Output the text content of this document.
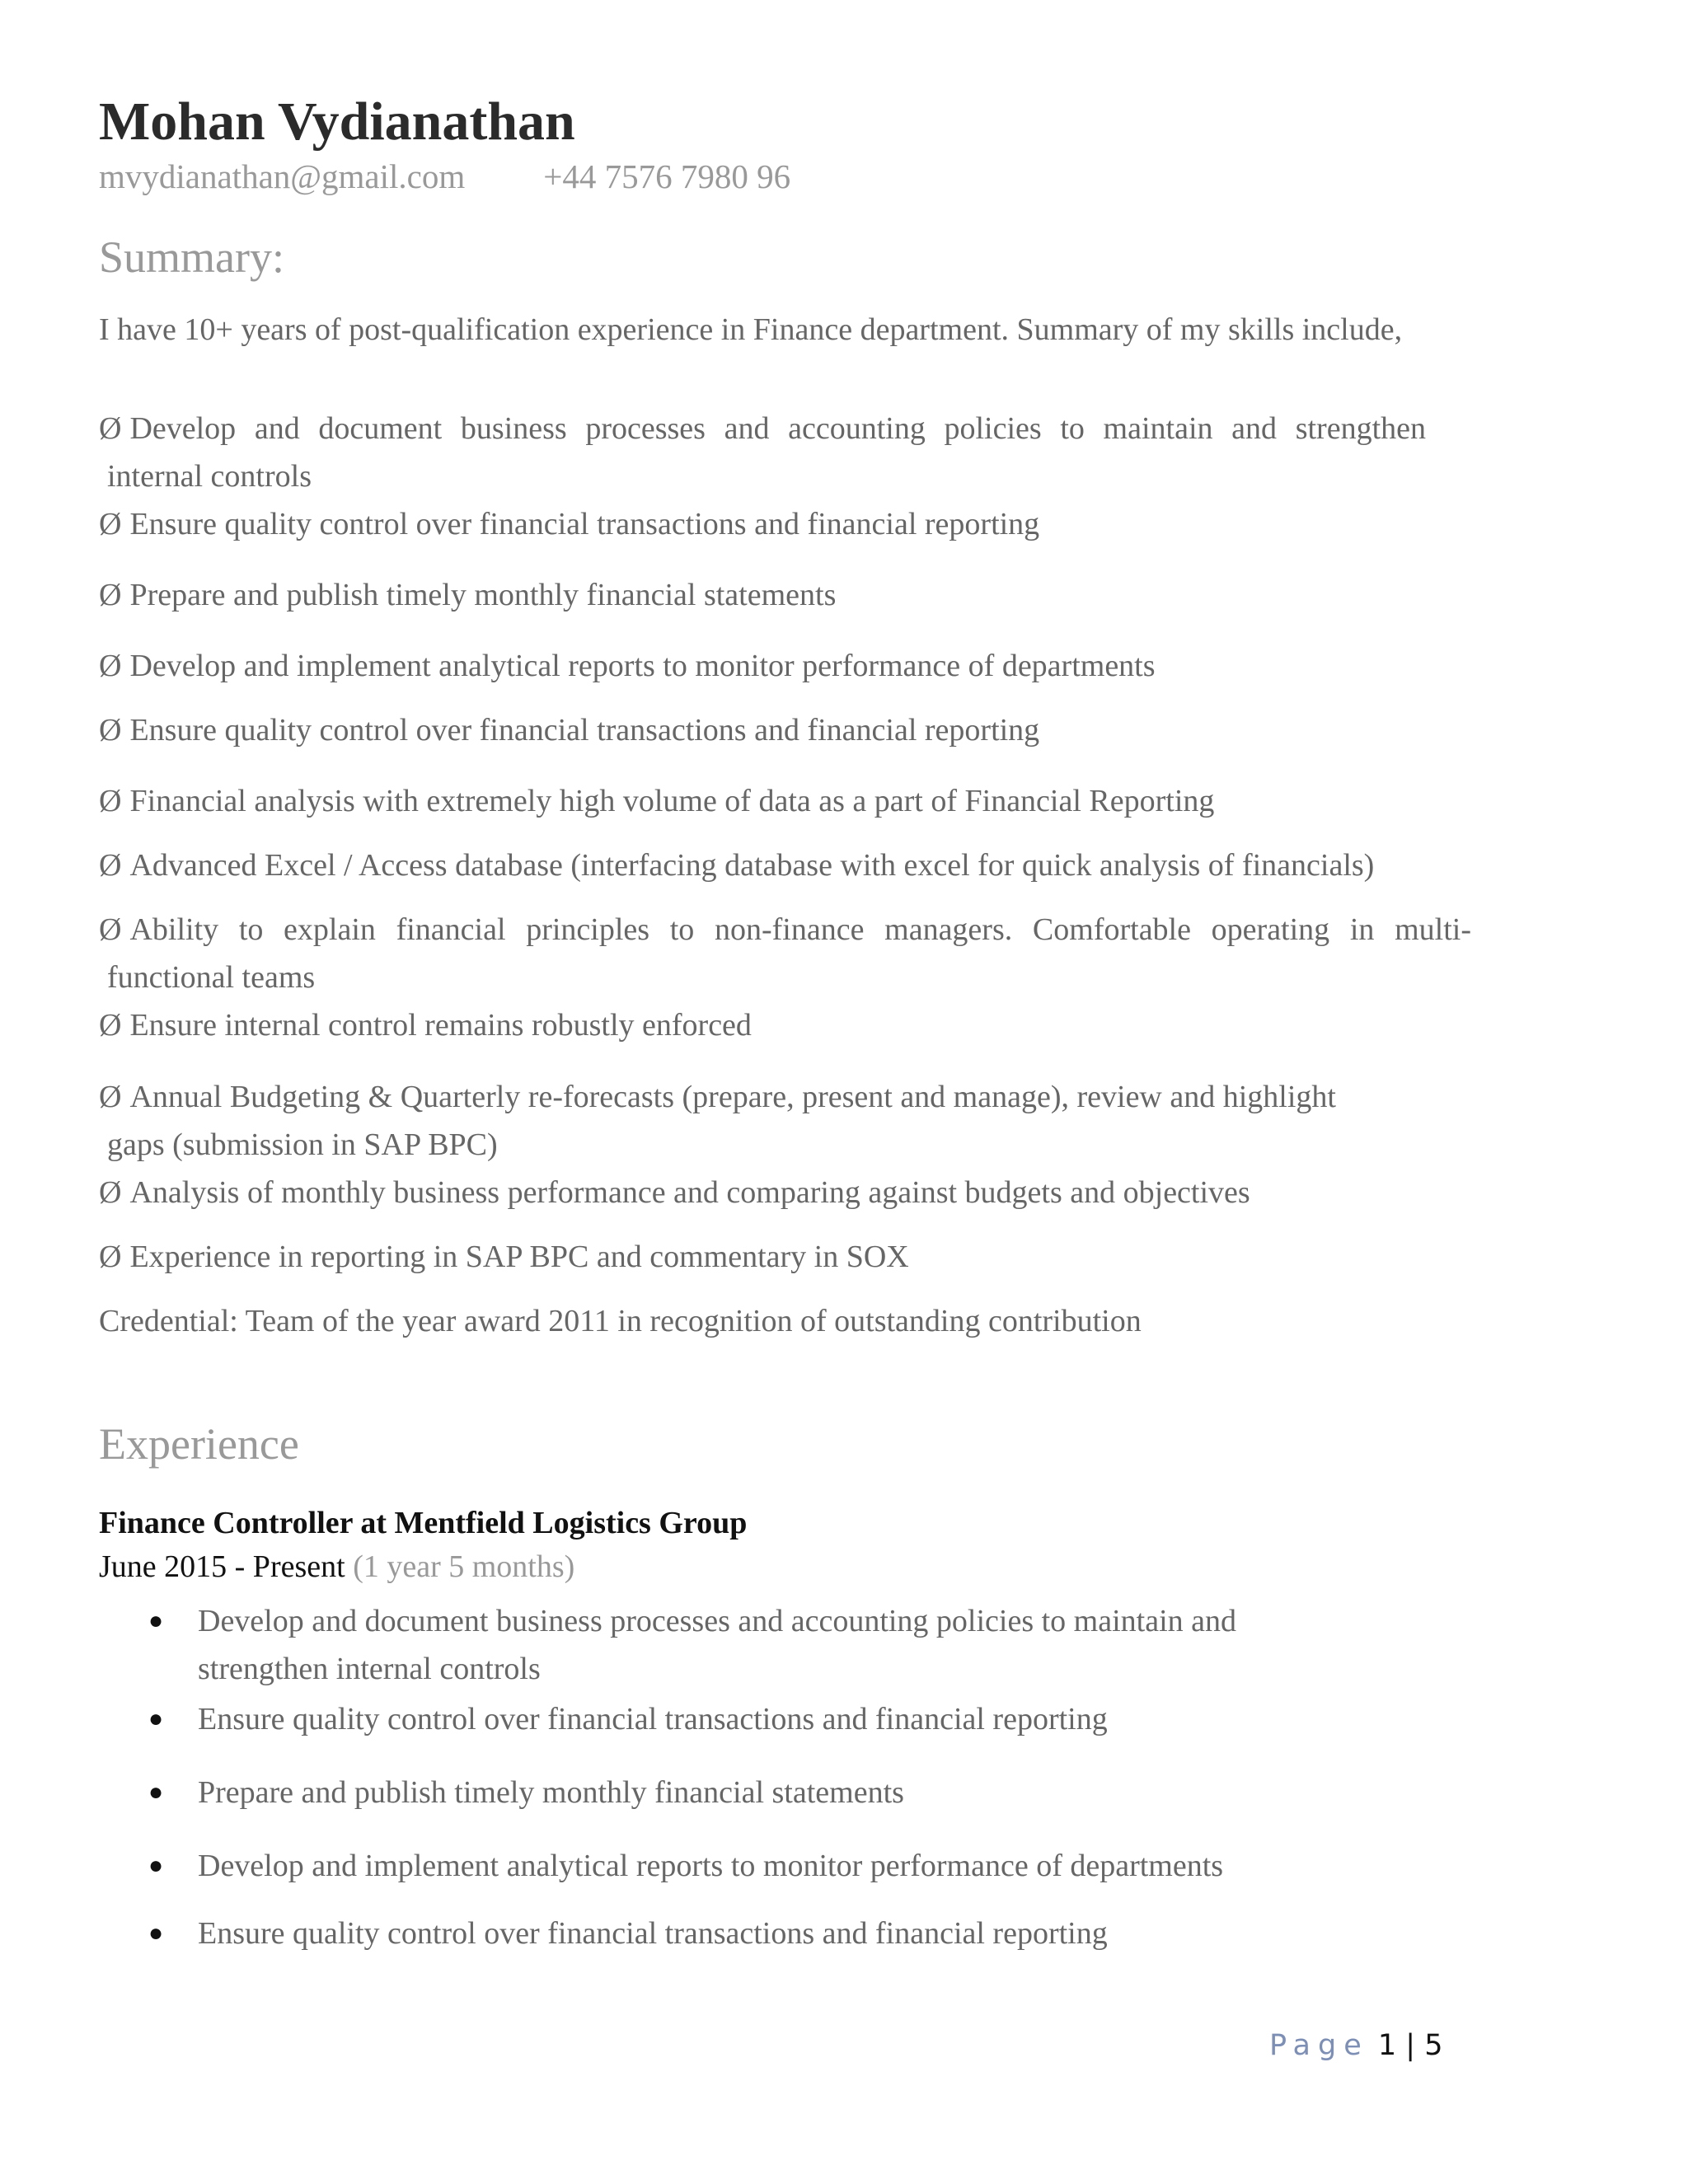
Mohan Vydianathan
mvydianathan@gmail.com +44 7576 7980 96
Summary:
I have 10+ years of post-qualification experience in Finance department. Summary of my skills include,
Ø Develop and document business processes and accounting policies to maintain and strengthen
internal controls
Ø Ensure quality control over financial transactions and financial reporting
Ø Prepare and publish timely monthly financial statements
Ø Develop and implement analytical reports to monitor performance of departments
Ø Ensure quality control over financial transactions and financial reporting
Ø Financial analysis with extremely high volume of data as a part of Financial Reporting
Ø Advanced Excel / Access database (interfacing database with excel for quick analysis of financials)
Ø Ability to explain financial principles to non-finance managers. Comfortable operating in multi-
functional teams
Ø Ensure internal control remains robustly enforced
Ø Annual Budgeting & Quarterly re-forecasts (prepare, present and manage), review and highlight
gaps (submission in SAP BPC)
Ø Analysis of monthly business performance and comparing against budgets and objectives
Ø Experience in reporting in SAP BPC and commentary in SOX
Credential: Team of the year award 2011 in recognition of outstanding contribution
Experience
Finance Controller at Mentfield Logistics Group
June 2015 - Present (1 year 5 months)
● Develop and document business processes and accounting policies to maintain and
strengthen internal controls
● Ensure quality control over financial transactions and financial reporting
● Prepare and publish timely monthly financial statements
● Develop and implement analytical reports to monitor performance of departments
● Ensure quality control over financial transactions and financial reporting
Page 1 | 5
